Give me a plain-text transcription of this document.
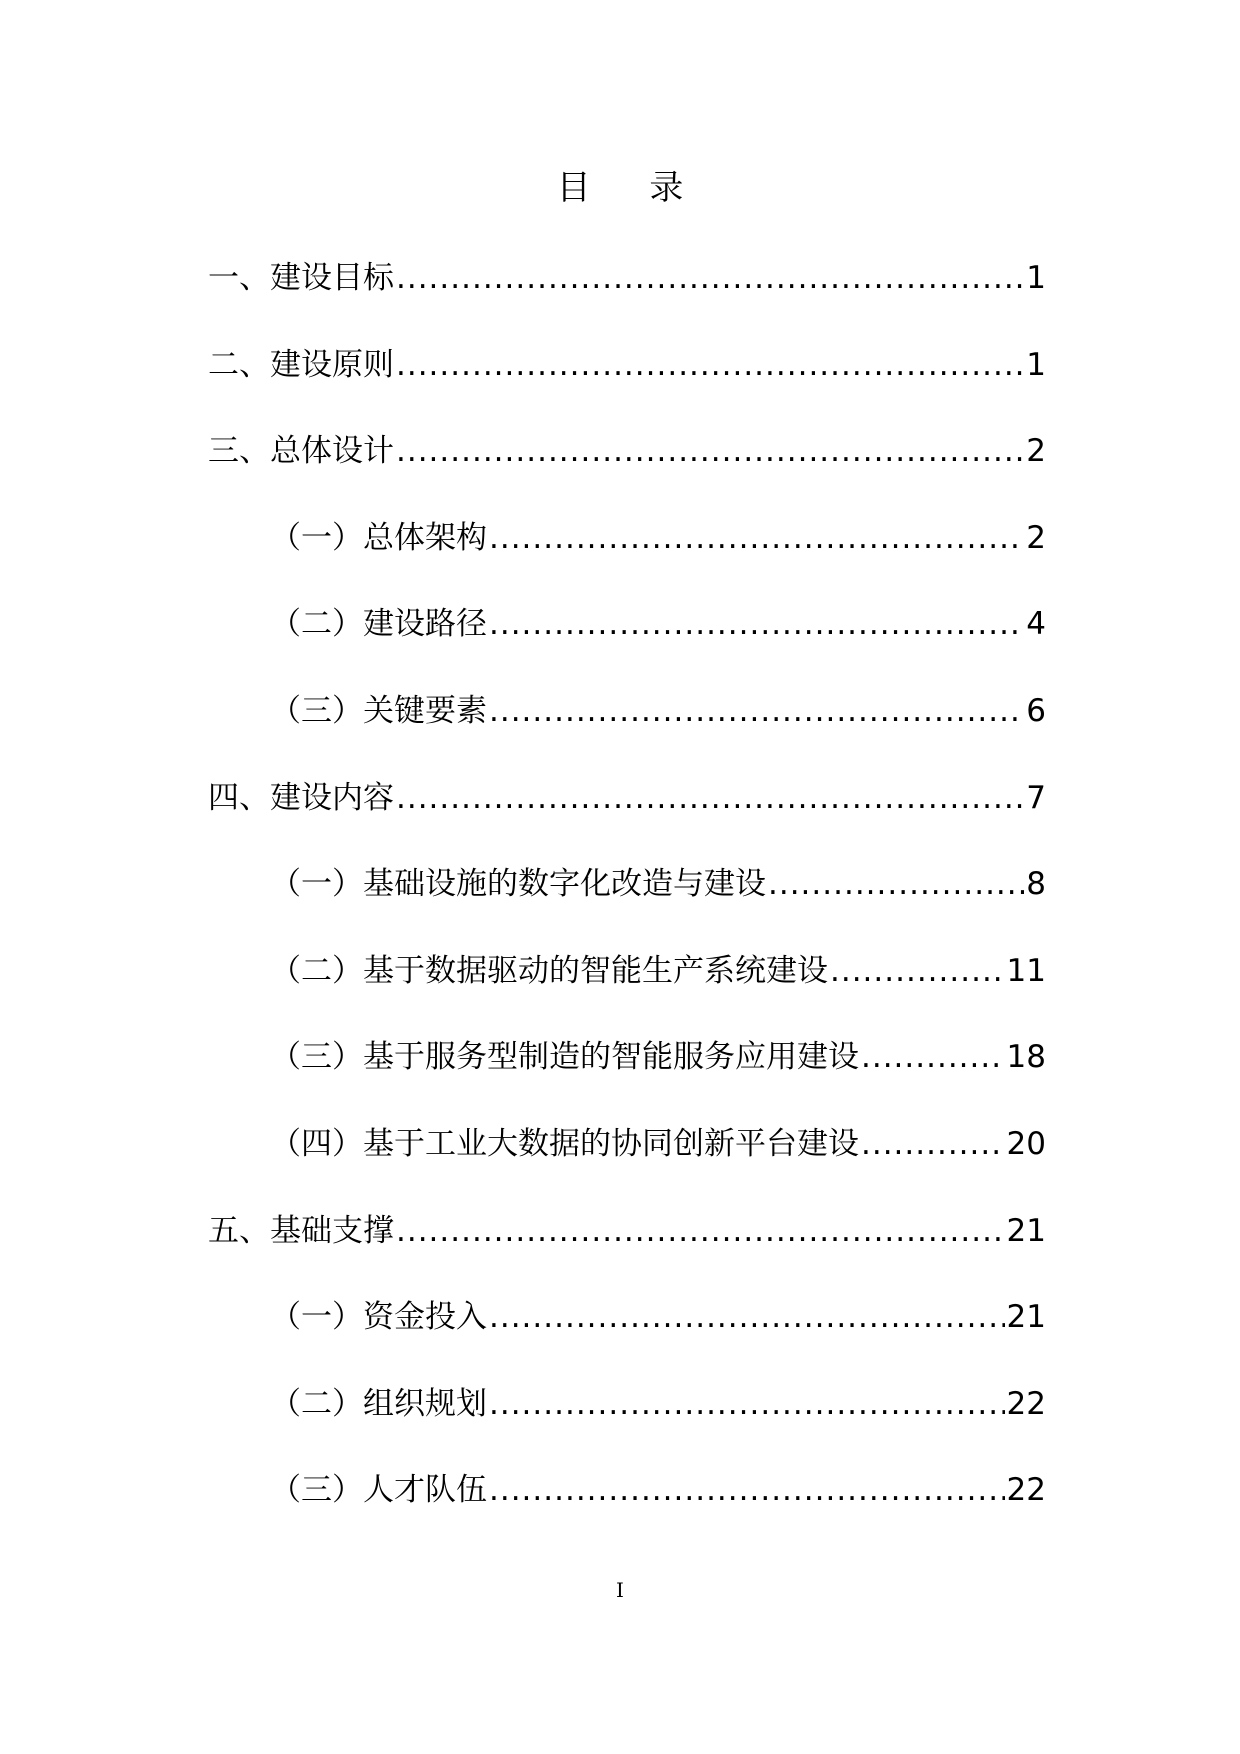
目 录
一、建设目标 .....	1
二、建设原则 .....	1
三、总体设计 .....	2
（一）总体架构 .....	2
（二）建设路径 .....	4
（三）关键要素 .....	6
四、建设内容 .....	7
（一）基础设施的数字化改造与建设 .....	8
（二）基于数据驱动的智能生产系统建设 .....	11
（三）基于服务型制造的智能服务应用建设 .....	18
（四）基于工业大数据的协同创新平台建设 .....	20
五、基础支撑 .....	21
（一）资金投入 .....	21
（二）组织规划 .....	22
（三）人才队伍 .....	22
I
